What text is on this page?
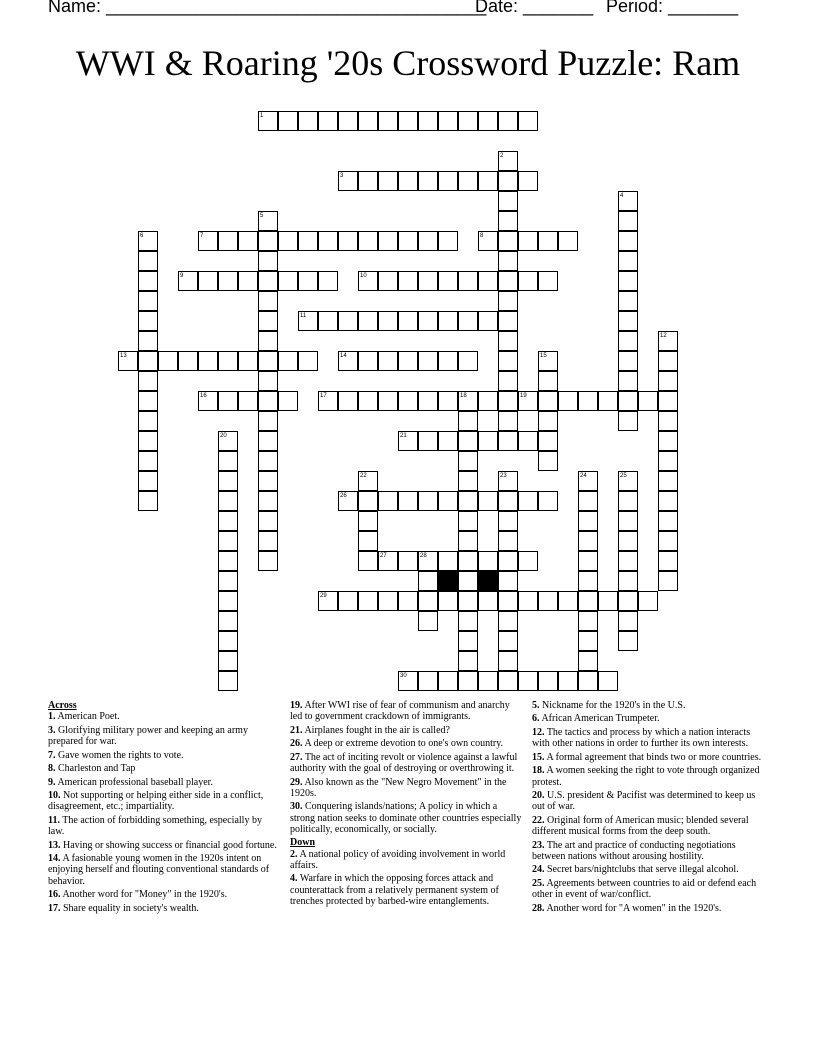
Name: ______________________________________
Date: _______ Period: _______
WWI & Roaring '20s Crossword Puzzle: Ram
1
2
3
4
5
6	7	8
9	10
11
12
13	14	15
16	17	18	19
20	21
22	23	24	25
26
27	28
29
30
Across
1. American Poet.
3. Glorifying military power and keeping an army prepared for war.
7. Gave women the rights to vote.
8. Charleston and Tap
9. American professional baseball player.
10. Not supporting or helping either side in a conflict, disagreement, etc.; impartiality.
11. The action of forbidding something, especially by law.
13. Having or showing success or financial good fortune.
14. A fasionable young women in the 1920s intent on enjoying herself and flouting conventional standards of behavior.
16. Another word for "Money" in the 1920's.
17. Share equality in society's wealth.
19. After WWI rise of fear of communism and anarchy led to government crackdown of immigrants.
21. Airplanes fought in the air is called?
26. A deep or extreme devotion to one's own country.
27. The act of inciting revolt or violence against a lawful authority with the goal of destroying or overthrowing it.
29. Also known as the "New Negro Movement" in the 1920s.
30. Conquering islands/nations; A policy in which a strong nation seeks to dominate other countries especially politically, economically, or socially.
Down
2. A national policy of avoiding involvement in world affairs.
4. Warfare in which the opposing forces attack and counterattack from a relatively permanent system of trenches protected by barbed-wire entanglements.
5. Nickname for the 1920's in the U.S.
6. African American Trumpeter.
12. The tactics and process by which a nation interacts with other nations in order to further its own interests.
15. A formal agreement that binds two or more countries.
18. A women seeking the right to vote through organized protest.
20. U.S. president & Pacifist was determined to keep us out of war.
22. Original form of American music; blended several different musical forms from the deep south.
23. The art and practice of conducting negotiations between nations without arousing hostility.
24. Secret bars/nightclubs that serve illegal alcohol.
25. Agreements between countries to aid or defend each other in event of war/conflict.
28. Another word for "A women" in the 1920's.
